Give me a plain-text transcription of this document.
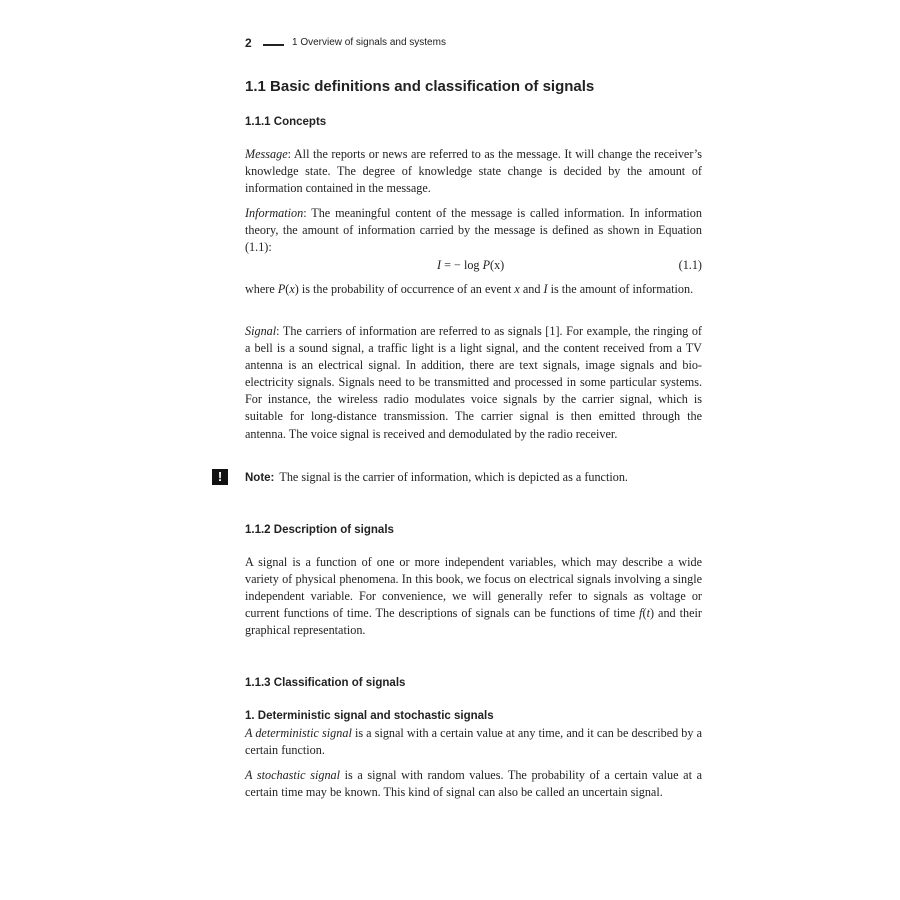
2	1 Overview of signals and systems
1.1 Basic definitions and classification of signals
1.1.1 Concepts

Message: All the reports or news are referred to as the message. It will change the receiver’s knowledge state. The degree of knowledge state change is decided by the amount of information contained in the message.

Information: The meaningful content of the message is called information. In information theory, the amount of information carried by the message is defined as shown in Equation (1.1):

I = − log P(x)	(1.1)

where P(x) is the probability of occurrence of an event x and I is the amount of information.

Signal: The carriers of information are referred to as signals [1]. For example, the ringing of a bell is a sound signal, a traffic light is a light signal, and the content received from a TV antenna is an electrical signal. In addition, there are text signals, image signals and bio-electricity signals. Signals need to be transmitted and processed in some particular systems. For instance, the wireless radio modulates voice signals by the carrier signal, which is suitable for long-distance transmission. The carrier signal is then emitted through the antenna. The voice signal is received and demodulated by the radio receiver.

!	Note: The signal is the carrier of information, which is depicted as a function.
1.1.2 Description of signals

A signal is a function of one or more independent variables, which may describe a wide variety of physical phenomena. In this book, we focus on electrical signals involving a single independent variable. For convenience, we will generally refer to signals as voltage or current functions of time. The descriptions of signals can be functions of time f(t) and their graphical representation.

1.1.3 Classification of signals
1. Deterministic signal and stochastic signals

A deterministic signal is a signal with a certain value at any time, and it can be described by a certain function.

A stochastic signal is a signal with random values. The probability of a certain value at a certain time may be known. This kind of signal can also be called an uncertain signal.
